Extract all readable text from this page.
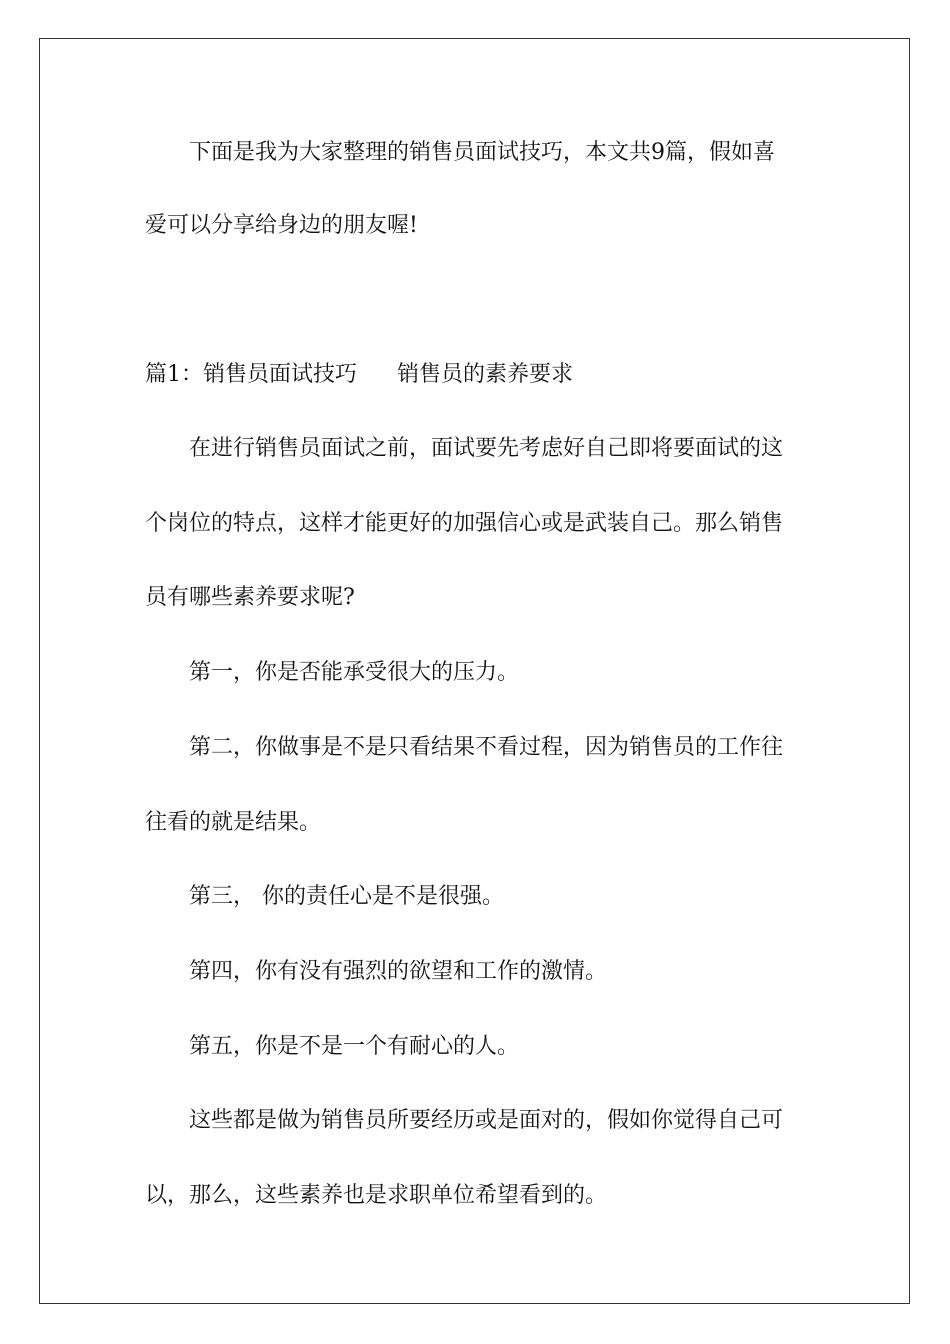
下面是我为大家整理的销售员面试技巧，本文共9篇，假如喜
爱可以分享给身边的朋友喔!
篇1：销售员面试技巧 销售员的素养要求
在进行销售员面试之前，面试要先考虑好自己即将要面试的这
个岗位的特点，这样才能更好的加强信心或是武装自己。那么销售
员有哪些素养要求呢?
第一，你是否能承受很大的压力。
第二，你做事是不是只看结果不看过程，因为销售员的工作往
往看的就是结果。
第三， 你的责任心是不是很强。
第四，你有没有强烈的欲望和工作的激情。
第五，你是不是一个有耐心的人。
这些都是做为销售员所要经历或是面对的，假如你觉得自己可
以，那么，这些素养也是求职单位希望看到的。
